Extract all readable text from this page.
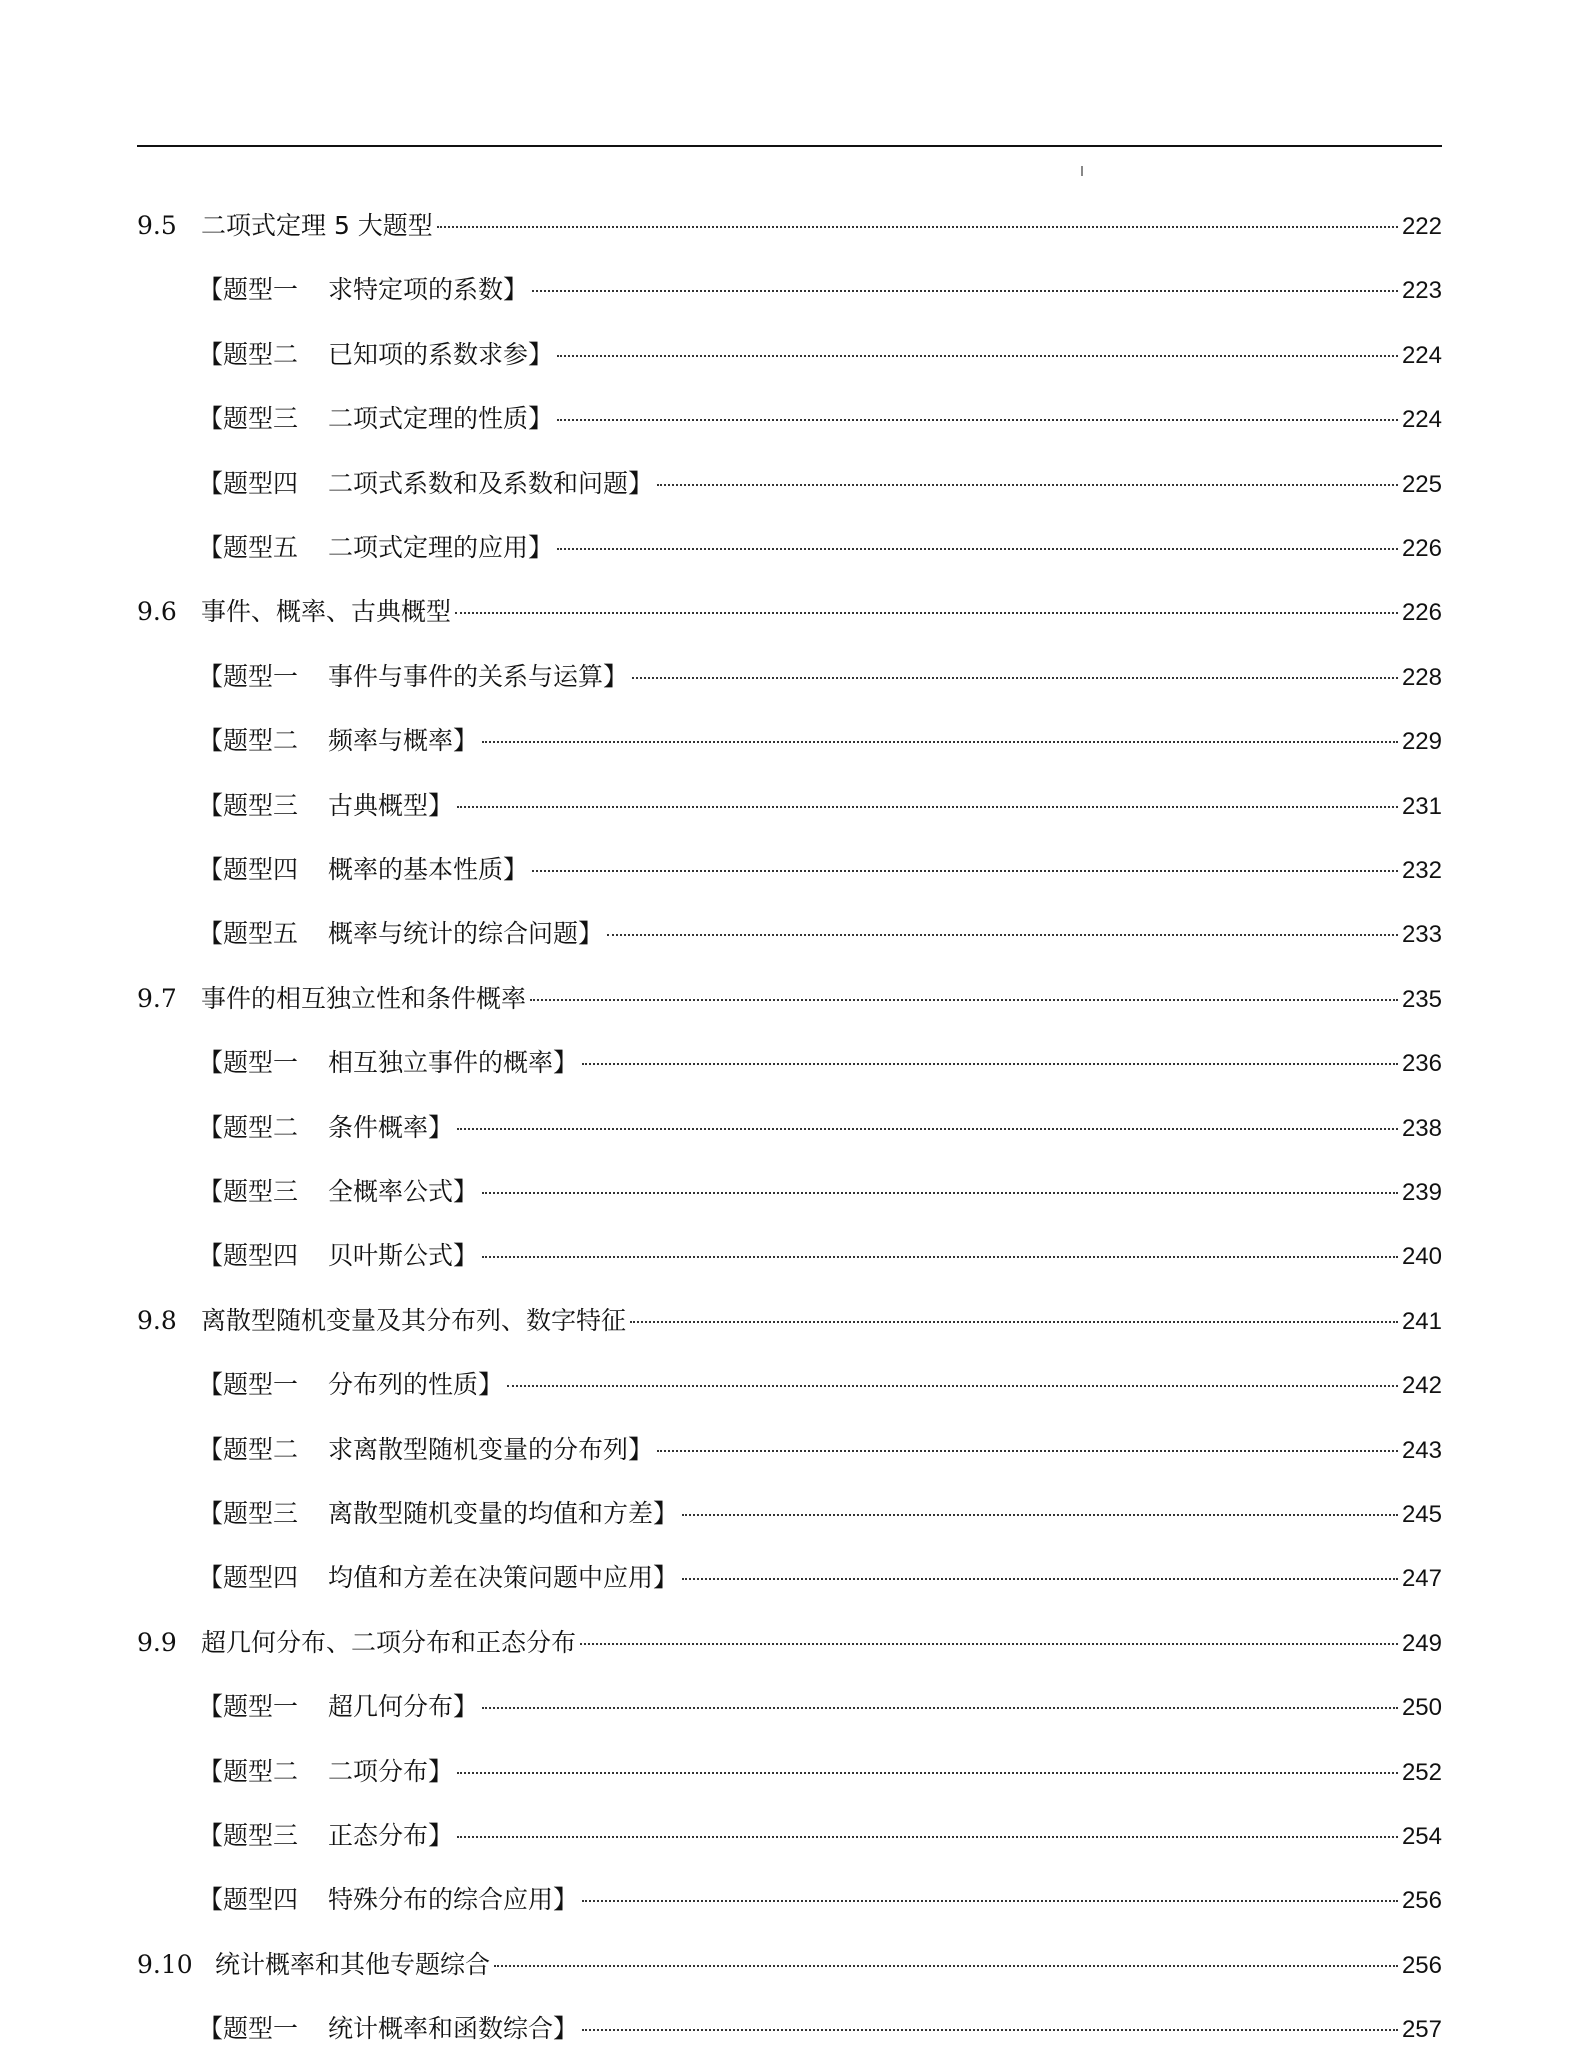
9.5 二项式定理 5 大题型	222
【题型一 求特定项的系数】	223
【题型二 已知项的系数求参】	224
【题型三 二项式定理的性质】	224
【题型四 二项式系数和及系数和问题】	225
【题型五 二项式定理的应用】	226
9.6 事件、概率、古典概型	226
【题型一 事件与事件的关系与运算】	228
【题型二 频率与概率】	229
【题型三 古典概型】	231
【题型四 概率的基本性质】	232
【题型五 概率与统计的综合问题】	233
9.7 事件的相互独立性和条件概率	235
【题型一 相互独立事件的概率】	236
【题型二 条件概率】	238
【题型三 全概率公式】	239
【题型四 贝叶斯公式】	240
9.8 离散型随机变量及其分布列、数字特征	241
【题型一 分布列的性质】	242
【题型二 求离散型随机变量的分布列】	243
【题型三 离散型随机变量的均值和方差】	245
【题型四 均值和方差在决策问题中应用】	247
9.9 超几何分布、二项分布和正态分布	249
【题型一 超几何分布】	250
【题型二 二项分布】	252
【题型三 正态分布】	254
【题型四 特殊分布的综合应用】	256
9.10 统计概率和其他专题综合	256
【题型一 统计概率和函数综合】	257
